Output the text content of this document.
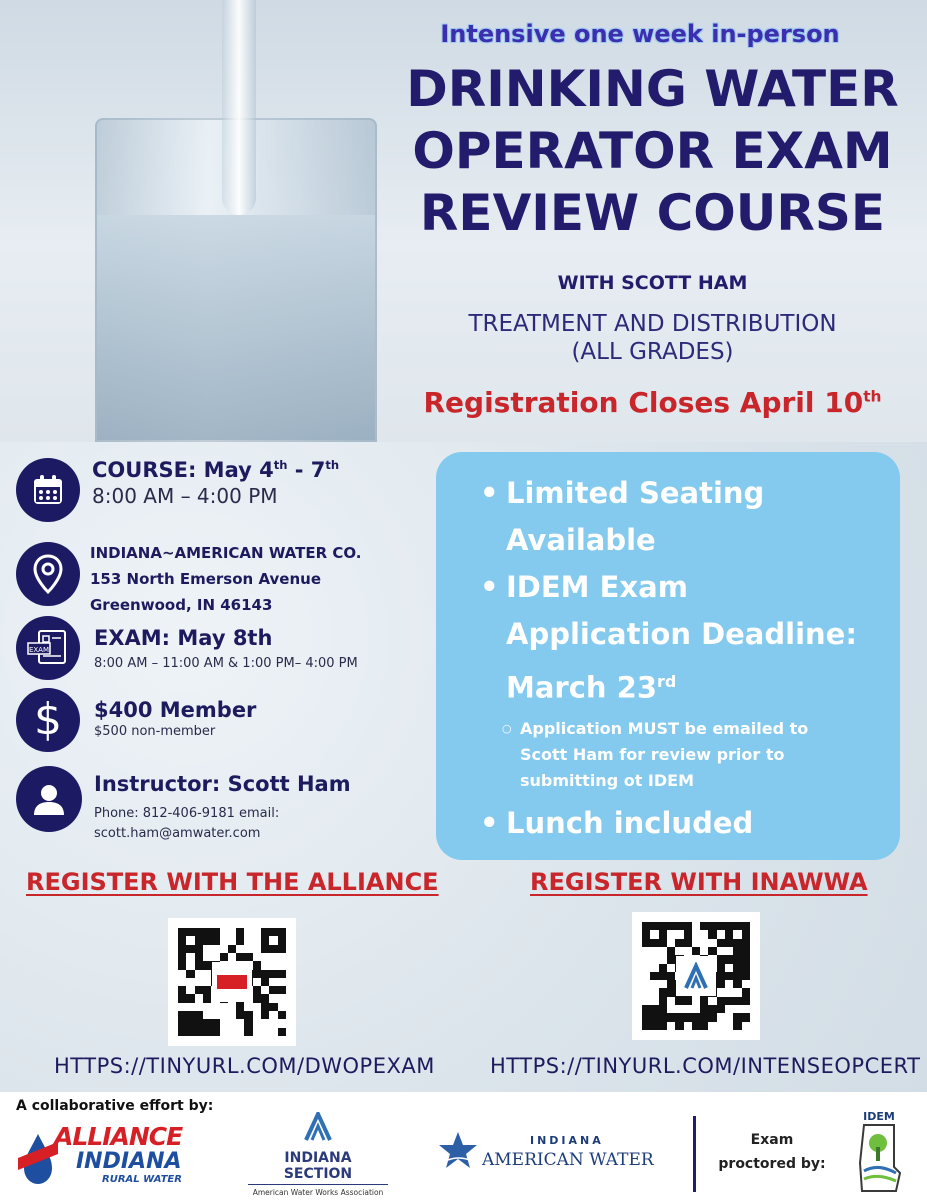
Intensive one week in-person
DRINKING WATER
OPERATOR EXAM
REVIEW COURSE
WITH SCOTT HAM
TREATMENT AND DISTRIBUTION
(ALL GRADES)
Registration Closes April 10th
COURSE: May 4th - 7th
8:00 AM – 4:00 PM
INDIANA~AMERICAN WATER CO.
153 North Emerson Avenue
Greenwood, IN 46143
EXAM EXAM: May 8th
8:00 AM – 11:00 AM & 1:00 PM– 4:00 PM
$ $400 Member
$500 non-member
Instructor: Scott Ham
Phone: 812-406-9181 email:
scott.ham@amwater.com
• Limited Seating
Available
• IDEM Exam
Application Deadline:
March 23rd
○ Application MUST be emailed to
Scott Ham for review prior to
submitting ot IDEM
• Lunch included
REGISTER WITH THE ALLIANCE	REGISTER WITH INAWWA
HTTPS://TINYURL.COM/DWOPEXAM	HTTPS://TINYURL.COM/INTENSEOPCERT
A collaborative effort by:
ALLIANCE
INDIANA
RURAL WATER
INDIANA SECTION
American Water Works Association
INDIANA
AMERICAN WATER
Exam
proctored by:
IDEM
